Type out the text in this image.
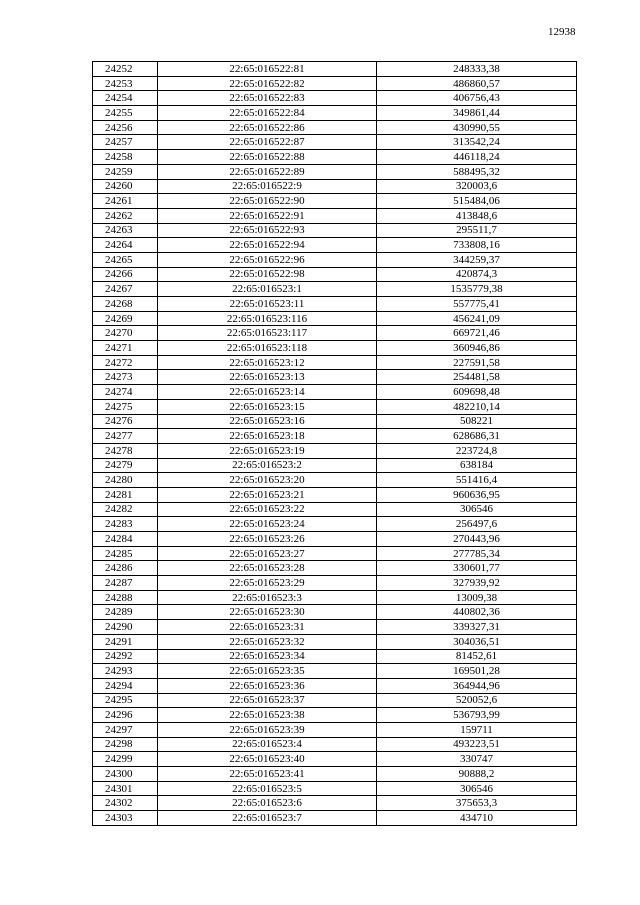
12938
24252	22:65:016522:81	248333,38
24253	22:65:016522:82	486860,57
24254	22:65:016522:83	406756,43
24255	22:65:016522:84	349861,44
24256	22:65:016522:86	430990,55
24257	22:65:016522:87	313542,24
24258	22:65:016522:88	446118,24
24259	22:65:016522:89	588495,32
24260	22:65:016522:9	320003,6
24261	22:65:016522:90	515484,06
24262	22:65:016522:91	413848,6
24263	22:65:016522:93	295511,7
24264	22:65:016522:94	733808,16
24265	22:65:016522:96	344259,37
24266	22:65:016522:98	420874,3
24267	22:65:016523:1	1535779,38
24268	22:65:016523:11	557775,41
24269	22:65:016523:116	456241,09
24270	22:65:016523:117	669721,46
24271	22:65:016523:118	360946,86
24272	22:65:016523:12	227591,58
24273	22:65:016523:13	254481,58
24274	22:65:016523:14	609698,48
24275	22:65:016523:15	482210,14
24276	22:65:016523:16	508221
24277	22:65:016523:18	628686,31
24278	22:65:016523:19	223724,8
24279	22:65:016523:2	638184
24280	22:65:016523:20	551416,4
24281	22:65:016523:21	960636,95
24282	22:65:016523:22	306546
24283	22:65:016523:24	256497,6
24284	22:65:016523:26	270443,96
24285	22:65:016523:27	277785,34
24286	22:65:016523:28	330601,77
24287	22:65:016523:29	327939,92
24288	22:65:016523:3	13009,38
24289	22:65:016523:30	440802,36
24290	22:65:016523:31	339327,31
24291	22:65:016523:32	304036,51
24292	22:65:016523:34	81452,61
24293	22:65:016523:35	169501,28
24294	22:65:016523:36	364944,96
24295	22:65:016523:37	520052,6
24296	22:65:016523:38	536793,99
24297	22:65:016523:39	159711
24298	22:65:016523:4	493223,51
24299	22:65:016523:40	330747
24300	22:65:016523:41	90888,2
24301	22:65:016523:5	306546
24302	22:65:016523:6	375653,3
24303	22:65:016523:7	434710
